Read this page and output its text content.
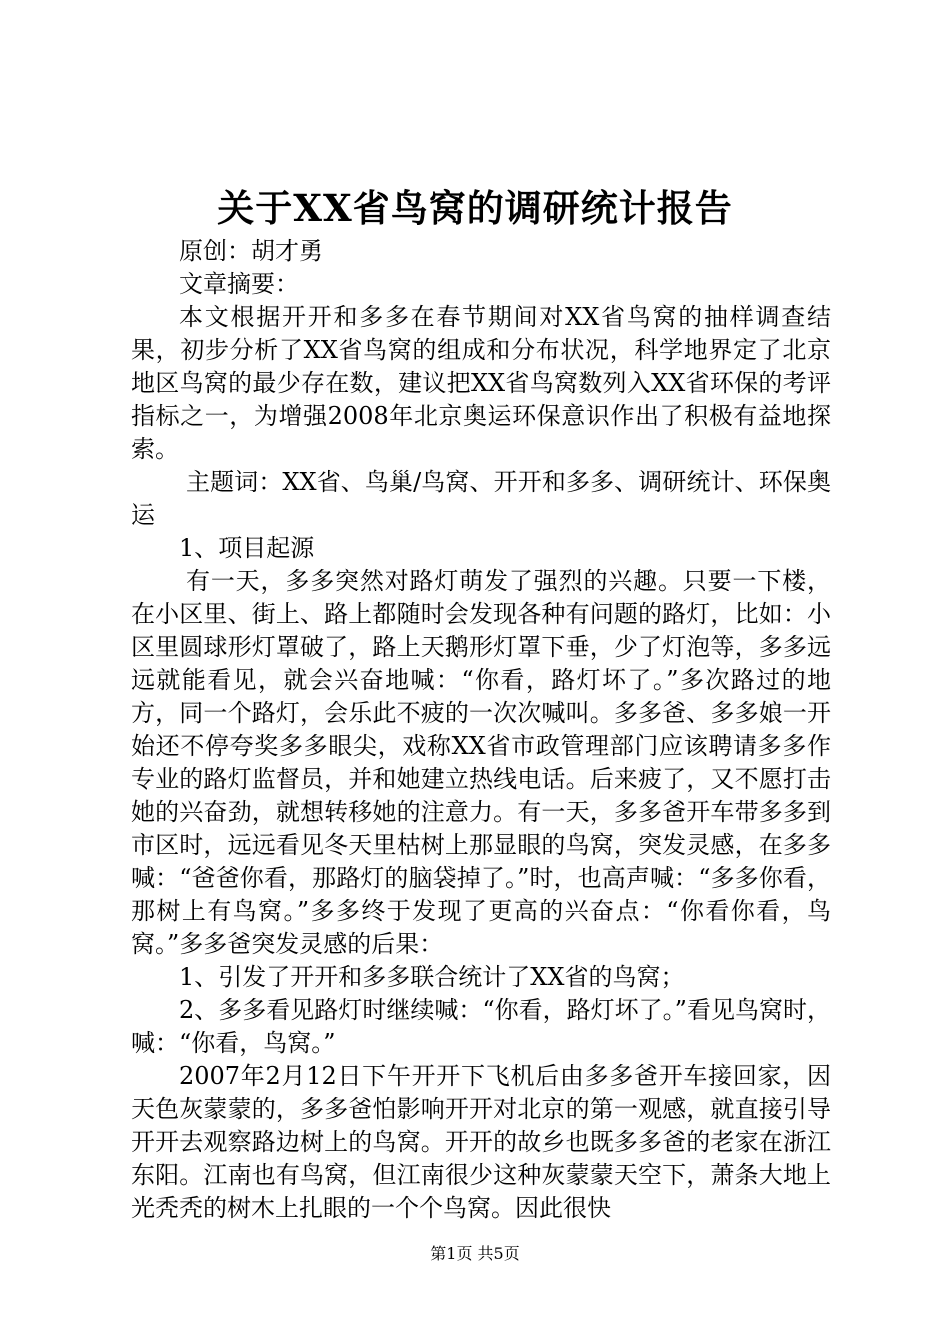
关于XX省鸟窝的调研统计报告

原创：胡才勇

文章摘要：

本文根据开开和多多在春节期间对XX省鸟窝的抽样调查结果，初步分析了XX省鸟窝的组成和分布状况，科学地界定了北京地区鸟窝的最少存在数，建议把XX省鸟窝数列入XX省环保的考评指标之一，为增强2008年北京奥运环保意识作出了积极有益地探索。

主题词：XX省、鸟巢/鸟窝、开开和多多、调研统计、环保奥运

1、项目起源

有一天，多多突然对路灯萌发了强烈的兴趣。只要一下楼，在小区里、街上、路上都随时会发现各种有问题的路灯，比如：小区里圆球形灯罩破了，路上天鹅形灯罩下垂，少了灯泡等，多多远远就能看见，就会兴奋地喊：“你看，路灯坏了。”多次路过的地方，同一个路灯，会乐此不疲的一次次喊叫。多多爸、多多娘一开始还不停夸奖多多眼尖，戏称XX省市政管理部门应该聘请多多作专业的路灯监督员，并和她建立热线电话。后来疲了，又不愿打击她的兴奋劲，就想转移她的注意力。有一天，多多爸开车带多多到市区时，远远看见冬天里枯树上那显眼的鸟窝，突发灵感，在多多喊：“爸爸你看，那路灯的脑袋掉了。”时，也高声喊：“多多你看，那树上有鸟窝。”多多终于发现了更高的兴奋点：“你看你看，鸟窝。”多多爸突发灵感的后果：

1、引发了开开和多多联合统计了XX省的鸟窝；

2、多多看见路灯时继续喊：“你看，路灯坏了。”看见鸟窝时，喊：“你看，鸟窝。”

2007年2月12日下午开开下飞机后由多多爸开车接回家，因天色灰蒙蒙的，多多爸怕影响开开对北京的第一观感，就直接引导开开去观察路边树上的鸟窝。开开的故乡也既多多爸的老家在浙江东阳。江南也有鸟窝，但江南很少这种灰蒙蒙天空下，萧条大地上光秃秃的树木上扎眼的一个个鸟窝。因此很快

第1页 共5页
